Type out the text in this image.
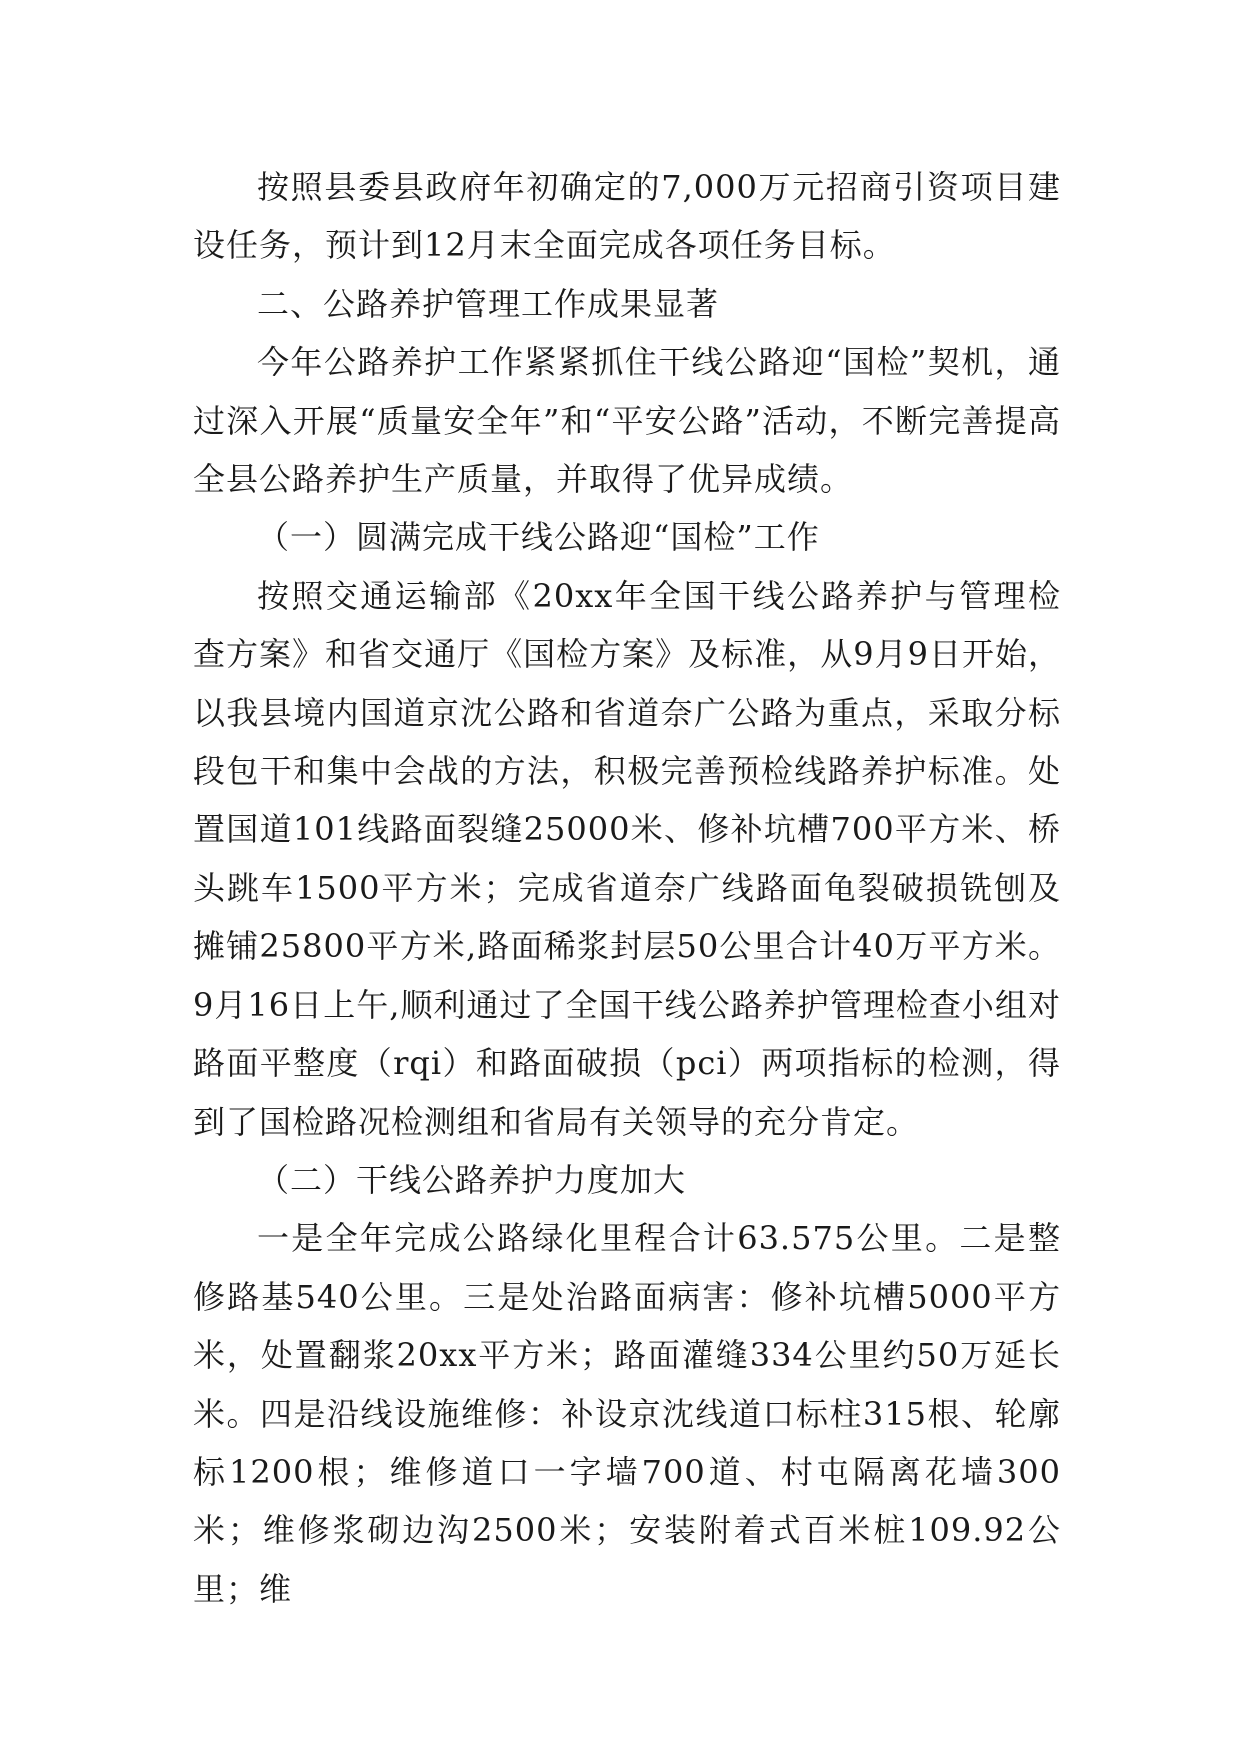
按照县委县政府年初确定的7,000万元招商引资项目建设任务，预计到12月末全面完成各项任务目标。

二、公路养护管理工作成果显著

今年公路养护工作紧紧抓住干线公路迎“国检”契机，通过深入开展“质量安全年”和“平安公路”活动，不断完善提高全县公路养护生产质量，并取得了优异成绩。

（一）圆满完成干线公路迎“国检”工作

按照交通运输部《20xx年全国干线公路养护与管理检查方案》和省交通厅《国检方案》及标准，从9月9日开始，以我县境内国道京沈公路和省道奈广公路为重点，采取分标段包干和集中会战的方法，积极完善预检线路养护标准。处置国道101线路面裂缝25000米、修补坑槽700平方米、桥头跳车1500平方米；完成省道奈广线路面龟裂破损铣刨及摊铺25800平方米,路面稀浆封层50公里合计40万平方米。9月16日上午,顺利通过了全国干线公路养护管理检查小组对路面平整度（rqi）和路面破损（pci）两项指标的检测，得到了国检路况检测组和省局有关领导的充分肯定。

（二）干线公路养护力度加大

一是全年完成公路绿化里程合计63.575公里。二是整修路基540公里。三是处治路面病害：修补坑槽5000平方米，处置翻浆20xx平方米；路面灌缝334公里约50万延长米。四是沿线设施维修：补设京沈线道口标柱315根、轮廓标1200根；维修道口一字墙700道、村屯隔离花墙300米；维修浆砌边沟2500米；安装附着式百米桩109.92公里；维
